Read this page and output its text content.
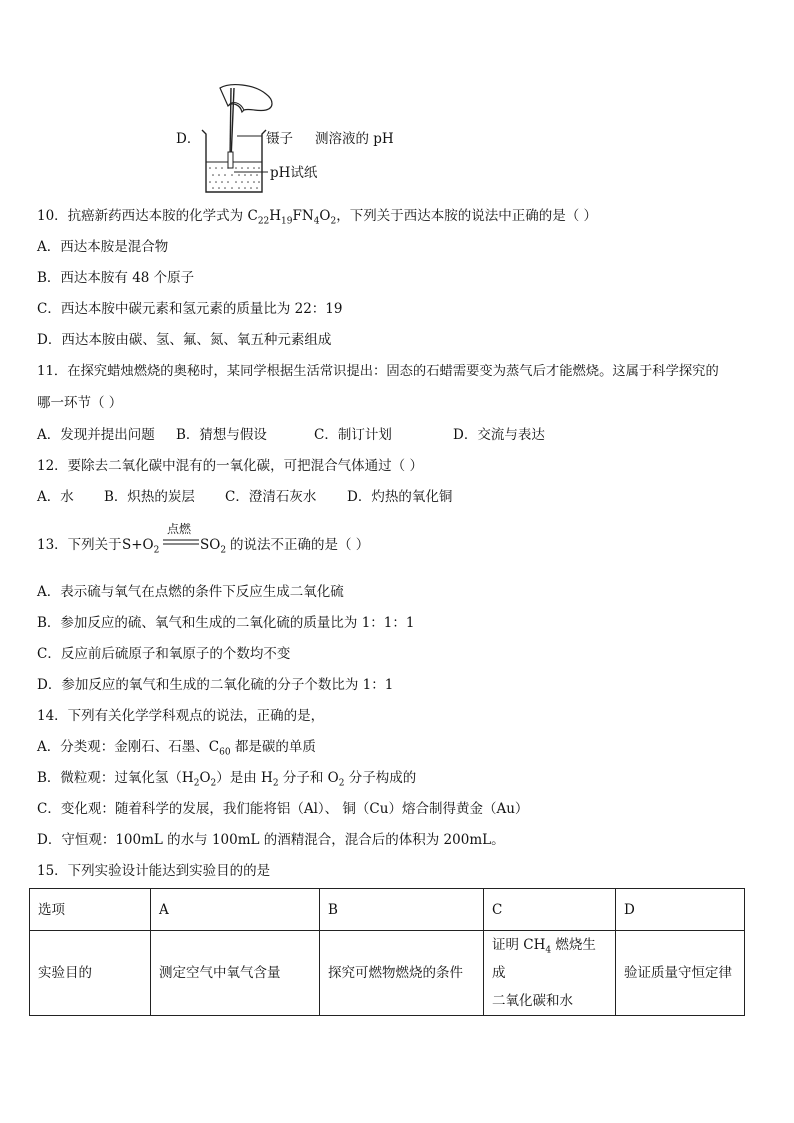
D．	镊子 测溶液的 pH
pH试纸
10．抗癌新药西达本胺的化学式为 $C_{22}H_{19}FN_4O_2$，下列关于西达本胺的说法中正确的是（ ）
A．西达本胺是混合物
B．西达本胺有 48 个原子
C．西达本胺中碳元素和氢元素的质量比为 22：19
D．西达本胺由碳、氢、氟、氮、氧五种元素组成
11．在探究蜡烛燃烧的奥秘时，某同学根据生活常识提出：固态的石蜡需要变为蒸气后才能燃烧。这属于科学探究的
哪一环节（ ）
A．发现并提出问题 B．猜想与假设	C．制订计划	D．交流与表达
12．要除去二氧化碳中混有的一氧化碳，可把混合气体通过（ ）
A．水 B．炽热的炭层 C．澄清石灰水 D．灼热的氧化铜
13．下列关于 $S+O_2$
点燃
$SO_2$ 的说法不正确的是（ ）
A．表示硫与氧气在点燃的条件下反应生成二氧化硫
B．参加反应的硫、氧气和生成的二氧化硫的质量比为 1：1：1
C．反应前后硫原子和氧原子的个数均不变
D．参加反应的氧气和生成的二氧化硫的分子个数比为 1：1
14．下列有关化学学科观点的说法，正确的是，
A．分类观：金刚石、石墨、$C_{60}$ 都是碳的单质
B．微粒观：过氧化氢$(H_2O_2)$是由 $H_2$ 分子和 $O_2$ 分子构成的
C．变化观：随着科学的发展，我们能将铝（Al）、 铜（Cu）熔合制得黄金（Au）
D．守恒观：100mL 的水与 100mL 的酒精混合，混合后的体积为 200mL。
15．下列实验设计能达到实验目的的是
选项	A	B	C	D
实验目的	测定空气中氧气含量	探究可燃物燃烧的条件	证明 $CH_4$ 燃烧生成
二氧化碳和水	验证质量守恒定律
